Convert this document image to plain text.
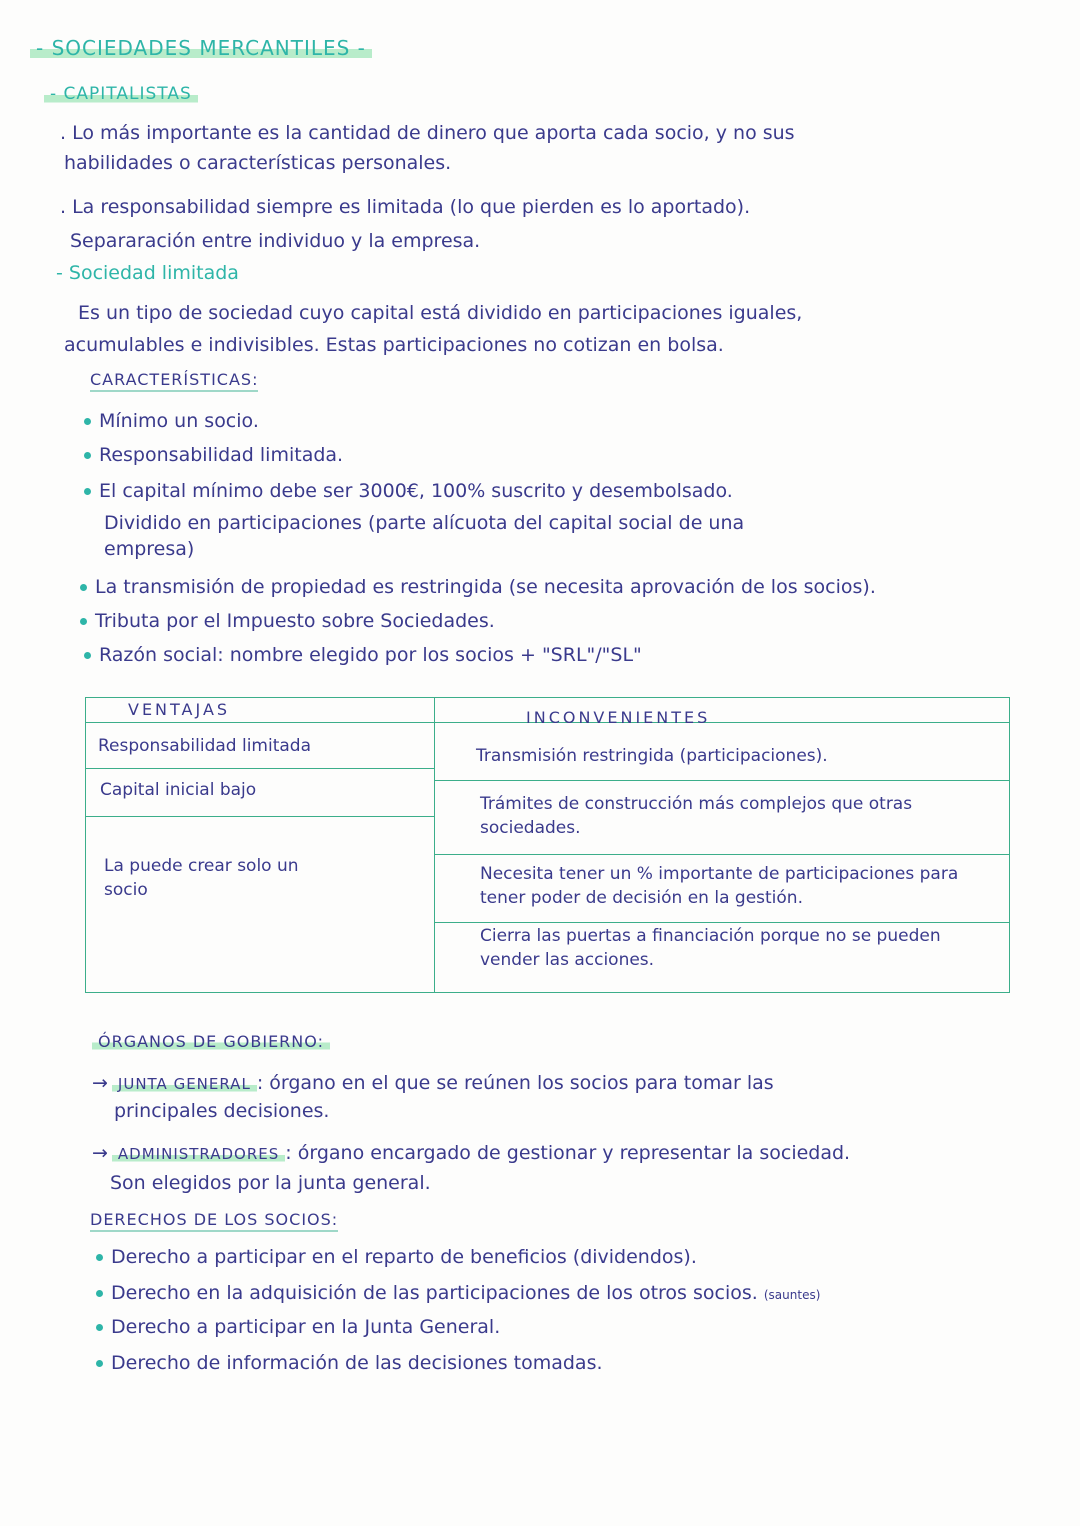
- SOCIEDADES MERCANTILES -
- CAPITALISTAS
. Lo más importante es la cantidad de dinero que aporta cada socio, y no sus
habilidades o características personales.
. La responsabilidad siempre es limitada (lo que pierden es lo aportado).
Separaración entre individuo y la empresa.
- Sociedad limitada
Es un tipo de sociedad cuyo capital está dividido en participaciones iguales,
acumulables e indivisibles. Estas participaciones no cotizan en bolsa.
CARACTERÍSTICAS:
Mínimo un socio.
Responsabilidad limitada.
El capital mínimo debe ser 3000€, 100% suscrito y desembolsado.
Dividido en participaciones (parte alícuota del capital social de una
empresa)
La transmisión de propiedad es restringida (se necesita aprovación de los socios).
Tributa por el Impuesto sobre Sociedades.
Razón social: nombre elegido por los socios + "SRL"/"SL"
VENTAJAS	INCONVENIENTES
Responsabilidad limitada
Capital inicial bajo
La puede crear solo un socio
Transmisión restringida (participaciones).
Trámites de construcción más complejos que otras sociedades.
Necesita tener un % importante de participaciones para tener poder de decisión en la gestión.
Cierra las puertas a financiación porque no se pueden vender las acciones.
ÓRGANOS DE GOBIERNO:
→ JUNTA GENERAL : órgano en el que se reúnen los socios para tomar las
principales decisiones.
→ ADMINISTRADORES : órgano encargado de gestionar y representar la sociedad.
Son elegidos por la junta general.
DERECHOS DE LOS SOCIOS:
Derecho a participar en el reparto de beneficios (dividendos).
Derecho en la adquisición de las participaciones de los otros socios. (sauntes)
Derecho a participar en la Junta General.
Derecho de información de las decisiones tomadas.
